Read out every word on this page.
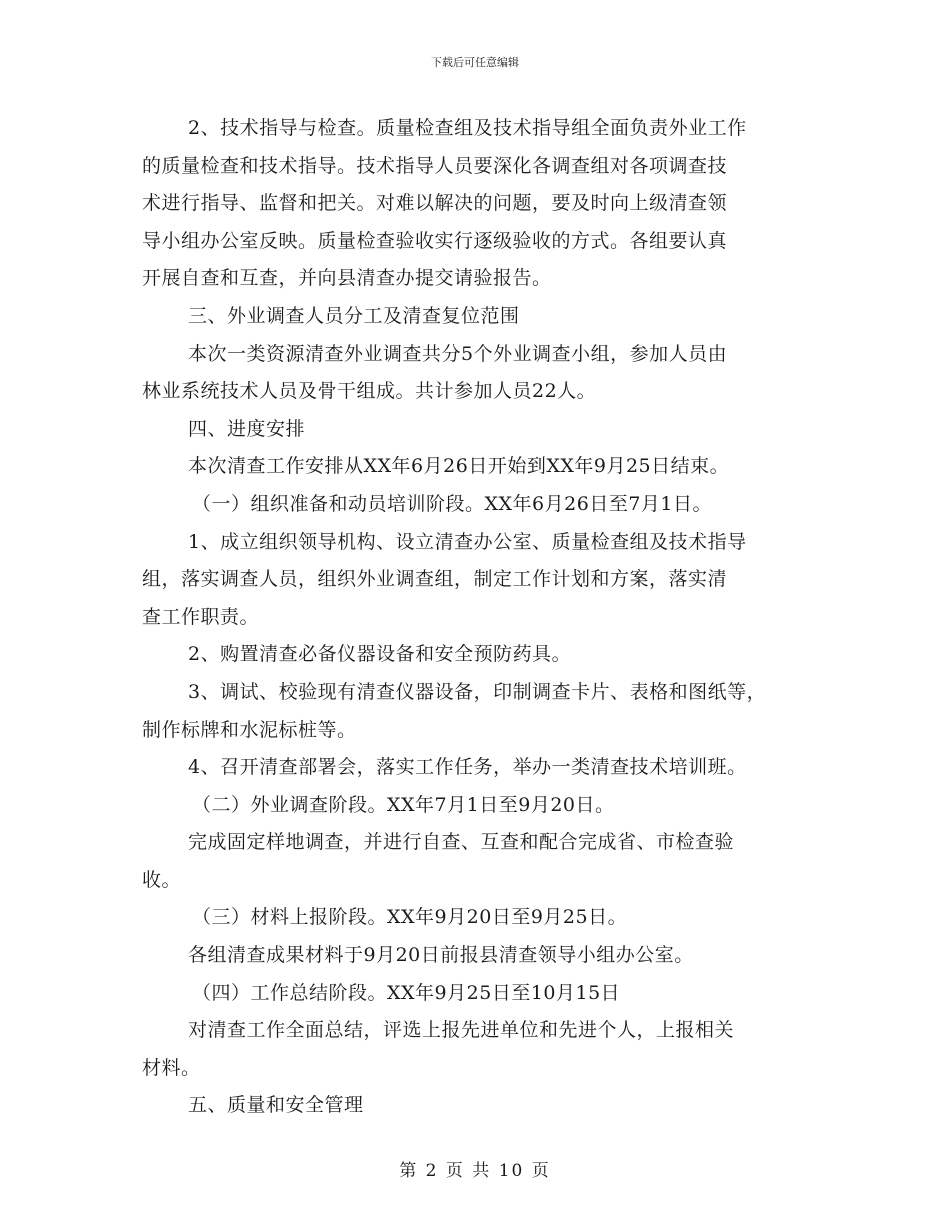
下载后可任意编辑
2、技术指导与检查。质量检查组及技术指导组全面负责外业工作
的质量检查和技术指导。技术指导人员要深化各调查组对各项调查技
术进行指导、监督和把关。对难以解决的问题，要及时向上级清查领
导小组办公室反映。质量检查验收实行逐级验收的方式。各组要认真
开展自查和互查，并向县清查办提交请验报告。
三、外业调查人员分工及清查复位范围
本次一类资源清查外业调查共分5个外业调查小组，参加人员由
林业系统技术人员及骨干组成。共计参加人员22人。
四、进度安排
本次清查工作安排从XX年6月26日开始到XX年9月25日结束。
（一）组织准备和动员培训阶段。XX年6月26日至7月1日。
1、成立组织领导机构、设立清查办公室、质量检查组及技术指导
组，落实调查人员，组织外业调查组，制定工作计划和方案，落实清
查工作职责。
2、购置清查必备仪器设备和安全预防药具。
3、调试、校验现有清查仪器设备，印制调查卡片、表格和图纸等，
制作标牌和水泥标桩等。
4、召开清查部署会，落实工作任务，举办一类清查技术培训班。
（二）外业调查阶段。XX年7月1日至9月20日。
完成固定样地调查，并进行自查、互查和配合完成省、市检查验
收。
（三）材料上报阶段。XX年9月20日至9月25日。
各组清查成果材料于9月20日前报县清查领导小组办公室。
（四）工作总结阶段。XX年9月25日至10月15日
对清查工作全面总结，评选上报先进单位和先进个人，上报相关
材料。
五、质量和安全管理
第 2 页 共 10 页
